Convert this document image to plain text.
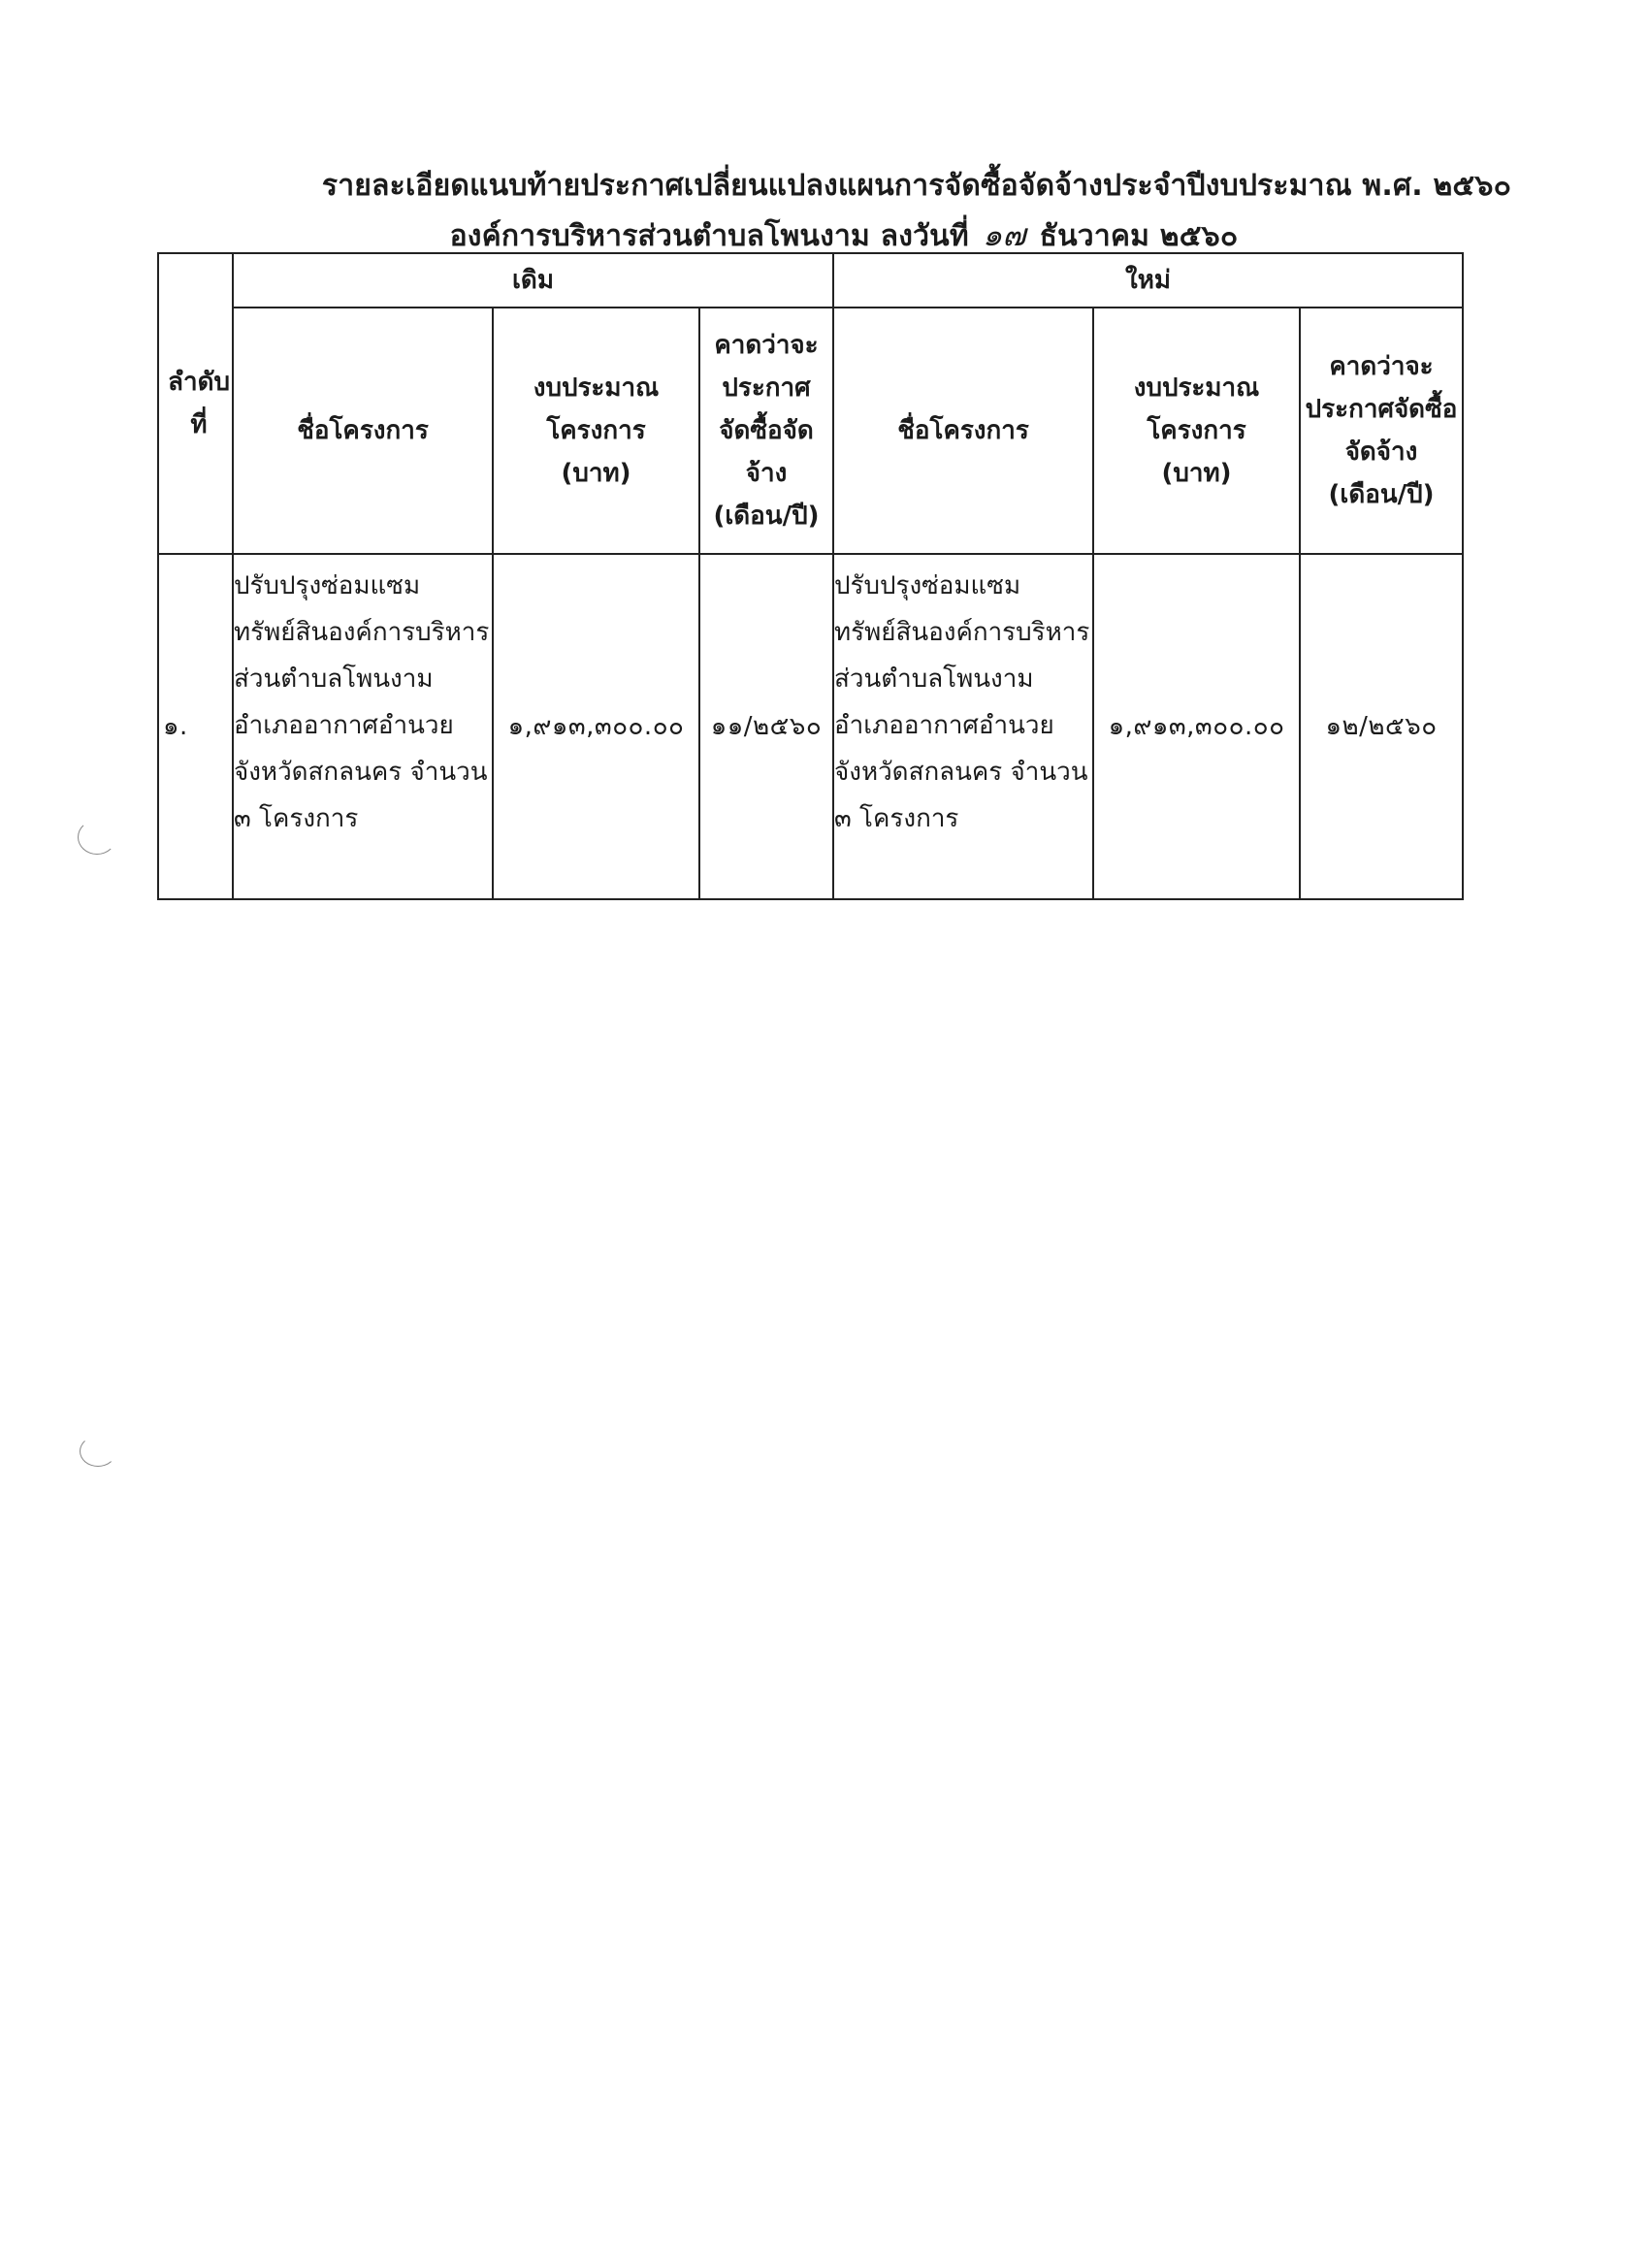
รายละเอียดแนบท้ายประกาศเปลี่ยนแปลงแผนการจัดซื้อจัดจ้างประจำปีงบประมาณ พ.ศ. ๒๕๖๐
องค์การบริหารส่วนตำบลโพนงาม ลงวันที่ ๑๗ ธันวาคม ๒๕๖๐
ลำดับที่	เดิม			ใหม่		
	ชื่อโครงการ	งบประมาณโครงการ (บาท)	คาดว่าจะประกาศจัดซื้อจัดจ้าง (เดือน/ปี)	ชื่อโครงการ	งบประมาณโครงการ (บาท)	คาดว่าจะประกาศจัดซื้อจัดจ้าง (เดือน/ปี)

๑.	ปรับปรุงซ่อมแซมทรัพย์สินองค์การบริหารส่วนตำบลโพนงาม อำเภออากาศอำนวย จังหวัดสกลนคร จำนวน ๓ โครงการ	๑,๙๑๓,๓๐๐.๐๐	๑๑/๒๕๖๐	ปรับปรุงซ่อมแซมทรัพย์สินองค์การบริหารส่วนตำบลโพนงาม อำเภออากาศอำนวย จังหวัดสกลนคร จำนวน ๓ โครงการ	๑,๙๑๓,๓๐๐.๐๐	๑๒/๒๕๖๐
